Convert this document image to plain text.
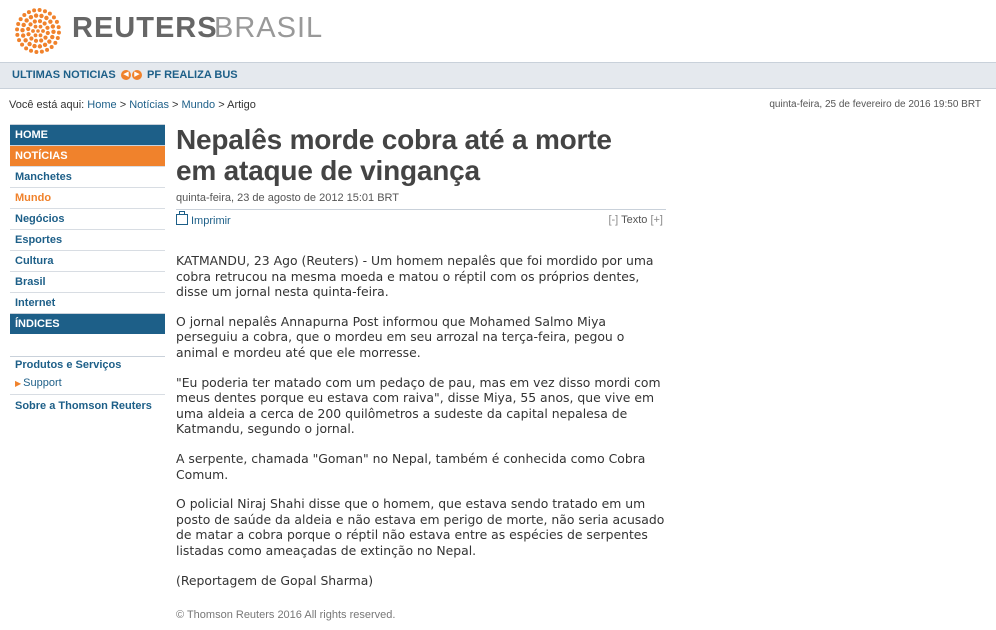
REUTERS
BRASIL
ULTIMAS NOTICIAS	◀ ▶ PF REALIZA BUS
Você está aqui: Home > Notícias > Mundo > Artigo	quinta-feira, 25 de fevereiro de 2016 19:50 BRT
HOME
NOTÍCIAS
Manchetes
Mundo
Negócios
Esportes
Cultura
Brasil
Internet
ÍNDICES
Produtos e Serviços
▶ Support
Sobre a Thomson Reuters
Nepalês morde cobra até a morte
em ataque de vingança
quinta-feira, 23 de agosto de 2012 15:01 BRT
Imprimir	[-] Texto [+]

KATMANDU, 23 Ago (Reuters) - Um homem nepalês que foi mordido por uma cobra retrucou na mesma moeda e matou o réptil com os próprios dentes, disse um jornal nesta quinta-feira.

O jornal nepalês Annapurna Post informou que Mohamed Salmo Miya perseguiu a cobra, que o mordeu em seu arrozal na terça-feira, pegou o animal e mordeu até que ele morresse.

"Eu poderia ter matado com um pedaço de pau, mas em vez disso mordi com meus dentes porque eu estava com raiva", disse Miya, 55 anos, que vive em uma aldeia a cerca de 200 quilômetros a sudeste da capital nepalesa de Katmandu, segundo o jornal.

A serpente, chamada "Goman" no Nepal, também é conhecida como Cobra Comum.

O policial Niraj Shahi disse que o homem, que estava sendo tratado em um posto de saúde da aldeia e não estava em perigo de morte, não seria acusado de matar a cobra porque o réptil não estava entre as espécies de serpentes listadas como ameaçadas de extinção no Nepal.

(Reportagem de Gopal Sharma)

© Thomson Reuters 2016 All rights reserved.
